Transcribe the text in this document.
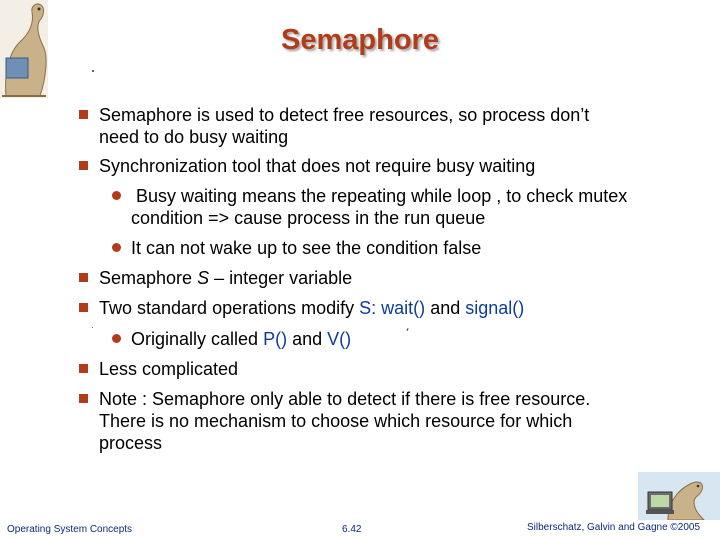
Semaphore
Semaphore is used to detect free resources, so process don’t
need to do busy waiting
Synchronization tool that does not require busy waiting
Busy waiting means the repeating while loop , to check mutex
condition => cause process in the run queue
It can not wake up to see the condition false
Semaphore S – integer variable
Two standard operations modify S: wait() and signal()
Originally called P() and V()
Less complicated
Note : Semaphore only able to detect if there is free resource.
There is no mechanism to choose which resource for which
process
Operating System Concepts	6.42	Silberschatz, Galvin and Gagne ©2005
